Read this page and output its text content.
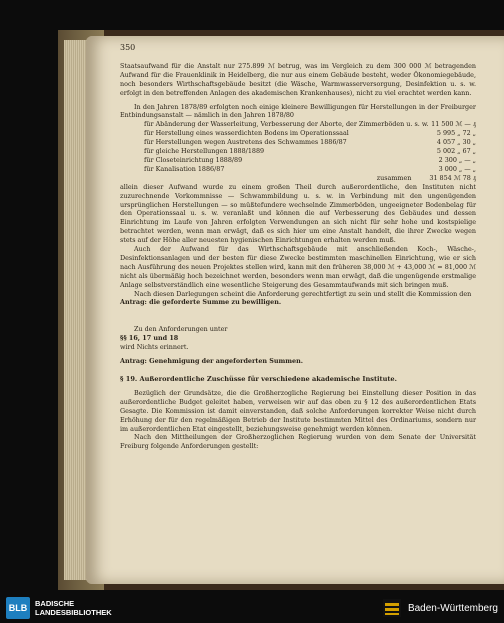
350

Staatsaufwand für die Anstalt nur 275.899 ℳ betrug, was im Vergleich zu dem 300 000 ℳ betragenden Aufwand für die Frauenklinik in Heidelberg, die nur aus einem Gebäude besteht, weder Ökonomiegebäude, noch besonders Wirthschaftsgebäude besitzt (die Wäsche, Warmwasserversorgung, Desinfektion u. s. w. erfolgt in den betreffenden Anlagen des akademischen Krankenhauses), nicht zu viel erachtet werden kann.

In den Jahren 1878/89 erfolgten noch einige kleinere Bewilligungen für Herstellungen in der Freiburger Entbindungsanstalt — nämlich in den Jahren 1878/80

für Abänderung der Wasserleitung, Verbesserung der Aborte, der Zimmerböden u. s. w. 11 500 ℳ — ₰
für Herstellung eines wasserdichten Bodens im Operationssaal	5 995 „ 72 „
für Herstellungen wegen Austretens des Schwammes 1886/87	4 057 „ 30 „
für gleiche Herstellungen 1888/1889	5 002 „ 67 „
für Closeteinrichtung 1888/89	2 300 „ — „
für Kanalisation 1886/87	3 000 „ — „
zusammen	31 854 ℳ 78 ₰

allein dieser Aufwand wurde zu einem großen Theil durch außerordentliche, den Instituten nicht zuzurechnende Vorkommnisse — Schwammbildung u. s. w. in Verbindung mit den ungenügenden ursprünglichen Herstellungen — so müßtefundere wechselnde Zimmerböden, ungeeigneter Bodenbelag für den Operationssaal u. s. w. veranlaßt und können die auf Verbesserung des Gebäudes und dessen Einrichtung im Laufe von Jahren erfolgten Verwendungen an sich nicht für sehr hohe und kostspielige betrachtet werden, wenn man erwägt, daß es sich hier um eine Anstalt handelt, die ihrer Zwecke wegen stets auf der Höhe aller neuesten hygienischen Einrichtungen erhalten werden muß.

Auch der Aufwand für das Wirthschaftsgebäude mit anschließenden Koch-, Wäsche-, Desinfektionsanlagen und der besten für diese Zwecke bestimmten maschinellen Einrichtung, wie er sich nach Ausführung des neuen Projektes stellen wird, kann mit den früheren 38,000 ℳ + 43,000 ℳ = 81,000 ℳ nicht als übermäßig hoch bezeichnet werden, besonders wenn man erwägt, daß die ungenügende erstmalige Anlage selbstverständlich eine wesentliche Steigerung des Gesammtaufwands mit sich bringen muß.

Nach diesen Darlegungen scheint die Anforderung gerechtfertigt zu sein und stellt die Kommission den

Antrag: die geforderte Summe zu bewilligen.

Zu den Anforderungen unter

§§ 16, 17 und 18

wird Nichts erinnert.

Antrag: Genehmigung der angeforderten Summen.

§ 19. Außerordentliche Zuschüsse für verschiedene akademische Institute.

Bezüglich der Grundsätze, die die Großherzogliche Regierung bei Einstellung dieser Position in das außerordentliche Budget geleitet haben, verweisen wir auf das oben zu § 12 des außerordentlichen Etats Gesagte. Die Kommission ist damit einverstanden, daß solche Anforderungen korrekter Weise nicht durch Erhöhung der für den regelmäßigen Betrieb der Institute bestimmten Mittel des Ordinariums, sondern nur im außerordentlichen Etat eingestellt, beziehungsweise genehmigt werden können.

Nach den Mittheilungen der Großherzoglichen Regierung wurden von dem Senate der Universität Freiburg folgende Anforderungen gestellt:

BLB	BADISCHE
LANDESBIBLIOTHEK	Baden-Württemberg
